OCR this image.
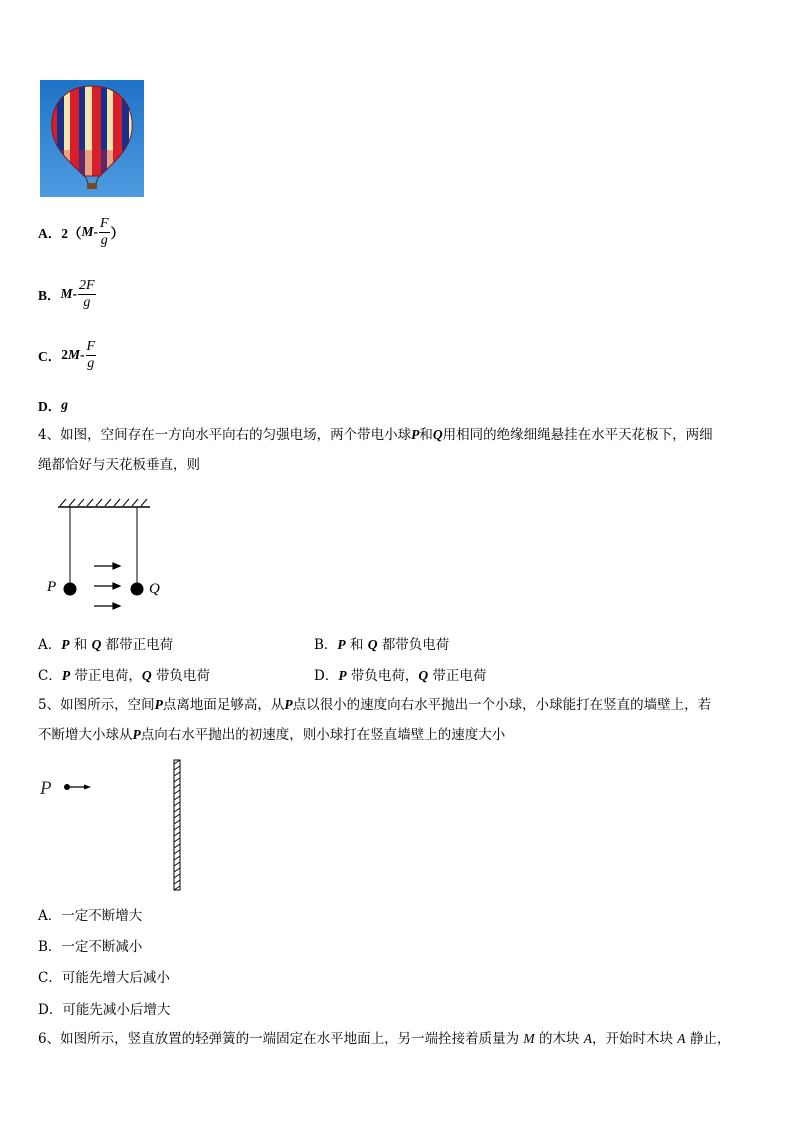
A． 2（ M - $\frac{F}{g}$ ）
B． M - $\frac{2F}{g}$
C． 2 M - $\frac{F}{g}$
D． g
4、如图，空间存在一方向水平向右的匀强电场，两个带电小球P和Q用相同的绝缘细绳悬挂在水平天花板下，两细
绳都恰好与天花板垂直，则
P	Q
A．P 和 Q 都带正电荷	B．P 和 Q 都带负电荷
C．P 带正电荷，Q 带负电荷	D．P 带负电荷，Q 带正电荷
5、如图所示，空间P点离地面足够高，从P点以很小的速度向右水平抛出一个小球，小球能打在竖直的墙壁上，若
不断增大小球从P点向右水平抛出的初速度，则小球打在竖直墙壁上的速度大小
P
A．一定不断增大
B．一定不断减小
C．可能先增大后减小
D．可能先减小后增大
6、如图所示，竖直放置的轻弹簧的一端固定在水平地面上，另一端拴接着质量为 M 的木块 A，开始时木块 A 静止，
